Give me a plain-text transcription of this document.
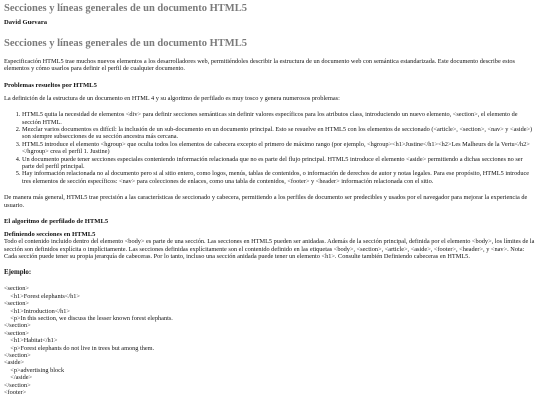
Secciones y líneas generales de un documento HTML5
David Guevara
Secciones y líneas generales de un documento HTML5

Especificación HTML5 trae muchos nuevos elementos a los desarrolladores web, permitiéndoles describir la estructura de un documento web con semántica estandarizada. Este documento describe estos elementos y cómo usarlos para definir el perfil de cualquier documento.

Problemas resueltos por HTML5

La definición de la estructura de un documento en HTML 4 y su algoritmo de perfilado es muy tosco y genera numerosos problemas:

1. HTML5 quita la necesidad de elementos <div> para definir secciones semánticas sin definir valores específicos para los atributos class, introduciendo un nuevo elemento, <section>, el elemento de sección HTML.
2. Mezclar varios documentos es difícil: la inclusión de un sub-documento en un documento principal. Esto se resuelve en HTML5 con los elementos de seccionado (<article>, <section>, <nav> y <aside>) son siempre subsecciones de su sección ancestra más cercana.
3. HTML5 introduce el elemento <hgroup> que oculta todos los elementos de cabecera excepto el primero de máximo rango (por ejemplo, <hgroup><h1>Justine</h1><h2>Les Malheurs de la Vertu</h2></hgroup> crea el perfil 1. Justine)
4. Un documento puede tener secciones especiales conteniendo información relacionada que no es parte del flujo principal. HTML5 introduce el elemento <aside> permitiendo a dichas secciones no ser parte del perfil principal.
5. Hay información relacionada no al documento pero si al sitio entero, como logos, menús, tablas de contenidos, o información de derechos de autor y notas legales. Para ese propósito, HTML5 introduce tres elementos de sección específicos: <nav> para colecciones de enlaces, como una tabla de contenidos, <footer> y <header> información relacionada con el sitio.

De manera más general, HTML5 trae precisión a las características de seccionado y cabecera, permitiendo a los perfiles de documento ser predecibles y usados por el navegador para mejorar la experiencia de usuario.

El algoritmo de perfilado de HTML5
Definiendo secciones en HTML5

Todo el contenido incluido dentro del elemento <body> es parte de una sección. Las secciones en HTML5 pueden ser anidadas. Además de la sección principal, definida por el elemento <body>, los límites de la sección son definidos explícita o implícitamente. Las secciones definidas explícitamente son el contenido definido en las etiquetas <body>, <section>, <article>, <aside>, <footer>, <header>, y <nav>. Nota: Cada sección puede tener su propia jerarquía de cabeceras. Por lo tanto, incluso una sección anidada puede tener un elemento <h1>. Consulte también Definiendo cabeceras en HTML5.

Ejemplo:
<section>
<h1>Forest elephants</h1>
<section>
<h1>Introduction</h1>
<p>In this section, we discuss the lesser known forest elephants.
</section>
<section>
<h1>Habitat</h1>
<p>Forest elephants do not live in trees but among them.
</section>
<aside>
<p>advertising block
</aside>
</section>
<footer>
